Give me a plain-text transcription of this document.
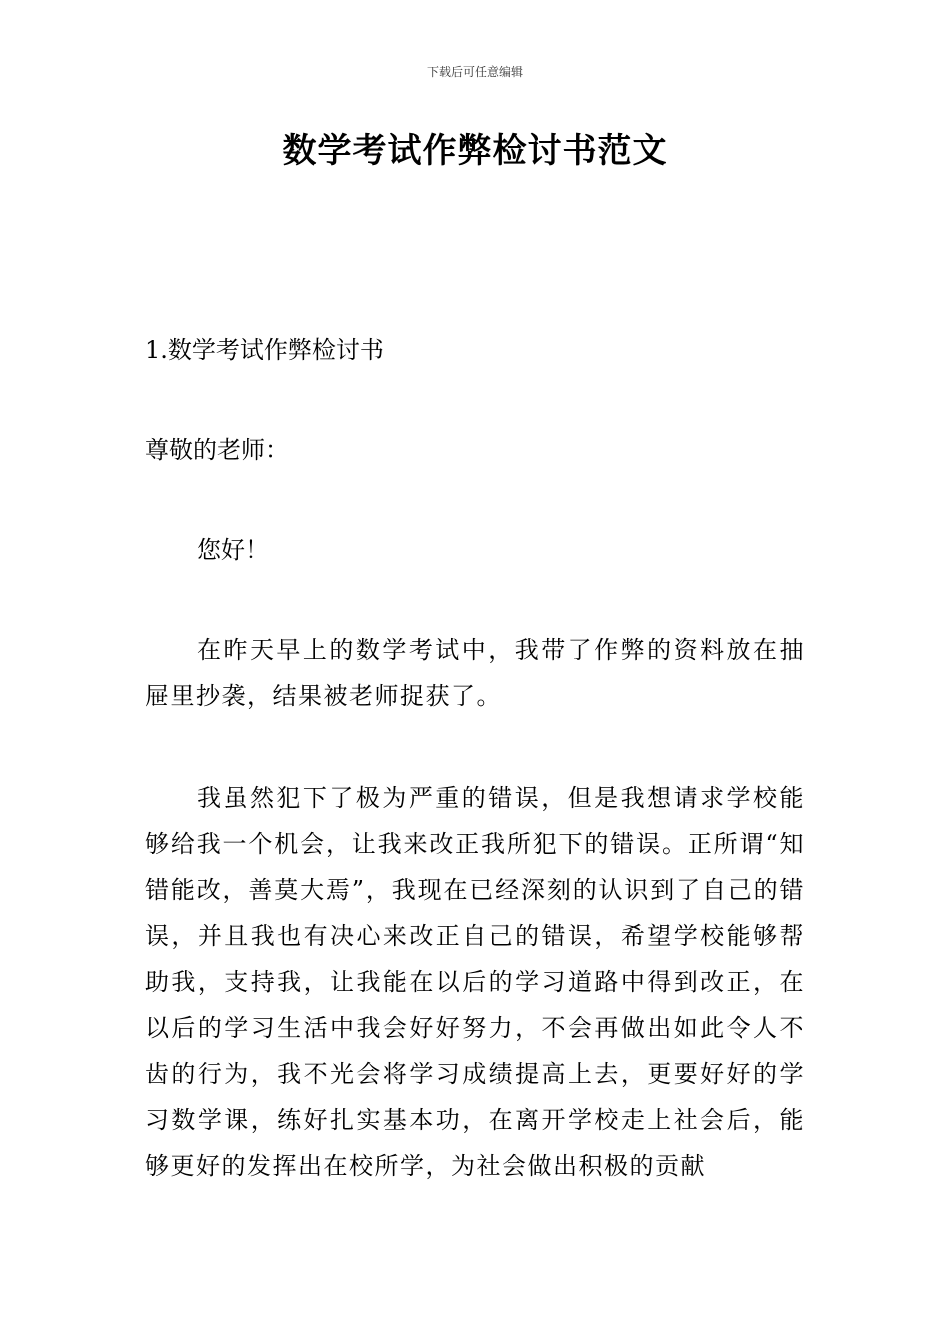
下载后可任意编辑
数学考试作弊检讨书范文
1.数学考试作弊检讨书
尊敬的老师：
您好！
在昨天早上的数学考试中，我带了作弊的资料放在抽屉里抄袭，结果被老师捉获了。
我虽然犯下了极为严重的错误，但是我想请求学校能够给我一个机会，让我来改正我所犯下的错误。正所谓“知错能改，善莫大焉”，我现在已经深刻的认识到了自己的错误，并且我也有决心来改正自己的错误，希望学校能够帮助我，支持我，让我能在以后的学习道路中得到改正，在以后的学习生活中我会好好努力，不会再做出如此令人不齿的行为，我不光会将学习成绩提高上去，更要好好的学习数学课，练好扎实基本功，在离开学校走上社会后，能够更好的发挥出在校所学，为社会做出积极的贡献
